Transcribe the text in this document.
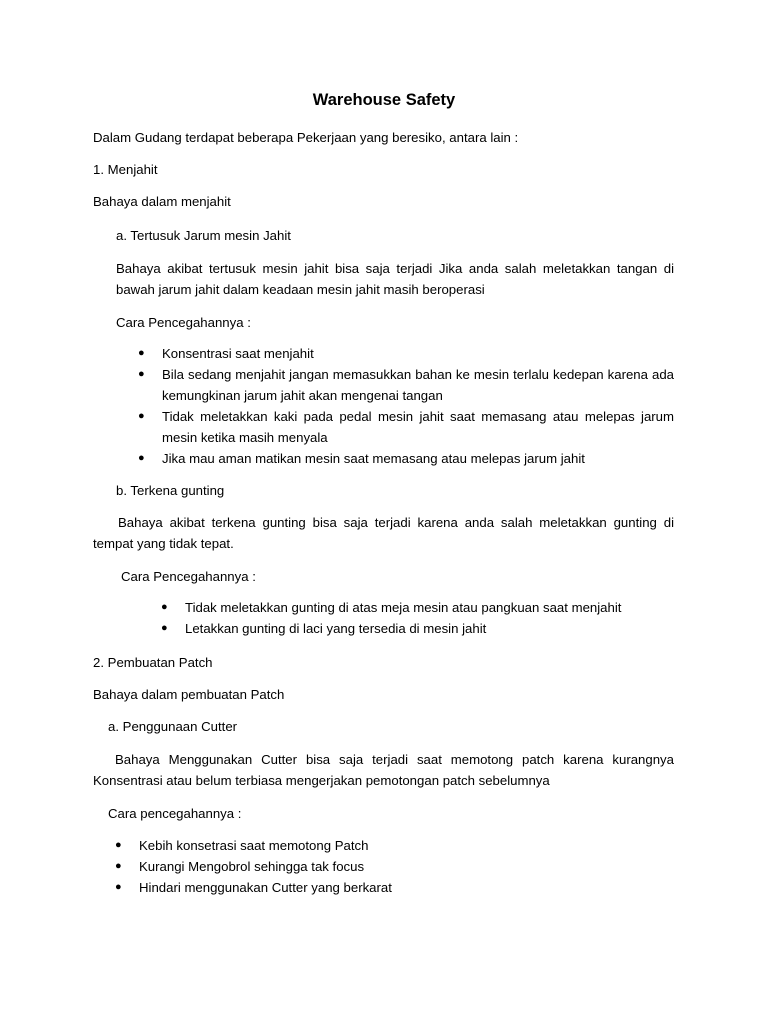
Warehouse Safety
Dalam Gudang terdapat beberapa Pekerjaan yang beresiko, antara lain :
1. Menjahit
Bahaya dalam menjahit
a. Tertusuk Jarum mesin Jahit
Bahaya akibat tertusuk mesin jahit bisa saja terjadi Jika anda salah meletakkan tangan di bawah jarum jahit dalam keadaan mesin jahit masih beroperasi
Cara Pencegahannya :
● Konsentrasi saat menjahit
● Bila sedang menjahit jangan memasukkan bahan ke mesin terlalu kedepan karena ada kemungkinan jarum jahit akan mengenai tangan
● Tidak meletakkan kaki pada pedal mesin jahit saat memasang atau melepas jarum mesin ketika masih menyala
● Jika mau aman matikan mesin saat memasang atau melepas jarum jahit
b. Terkena gunting
Bahaya akibat terkena gunting bisa saja terjadi karena anda salah meletakkan gunting di tempat yang tidak tepat.
Cara Pencegahannya :
● Tidak meletakkan gunting di atas meja mesin atau pangkuan saat menjahit
● Letakkan gunting di laci yang tersedia di mesin jahit
2. Pembuatan Patch
Bahaya dalam pembuatan Patch
a. Penggunaan Cutter
Bahaya Menggunakan Cutter bisa saja terjadi saat memotong patch karena kurangnya Konsentrasi atau belum terbiasa mengerjakan pemotongan patch sebelumnya
Cara pencegahannya :
● Kebih konsetrasi saat memotong Patch
● Kurangi Mengobrol sehingga tak focus
● Hindari menggunakan Cutter yang berkarat
